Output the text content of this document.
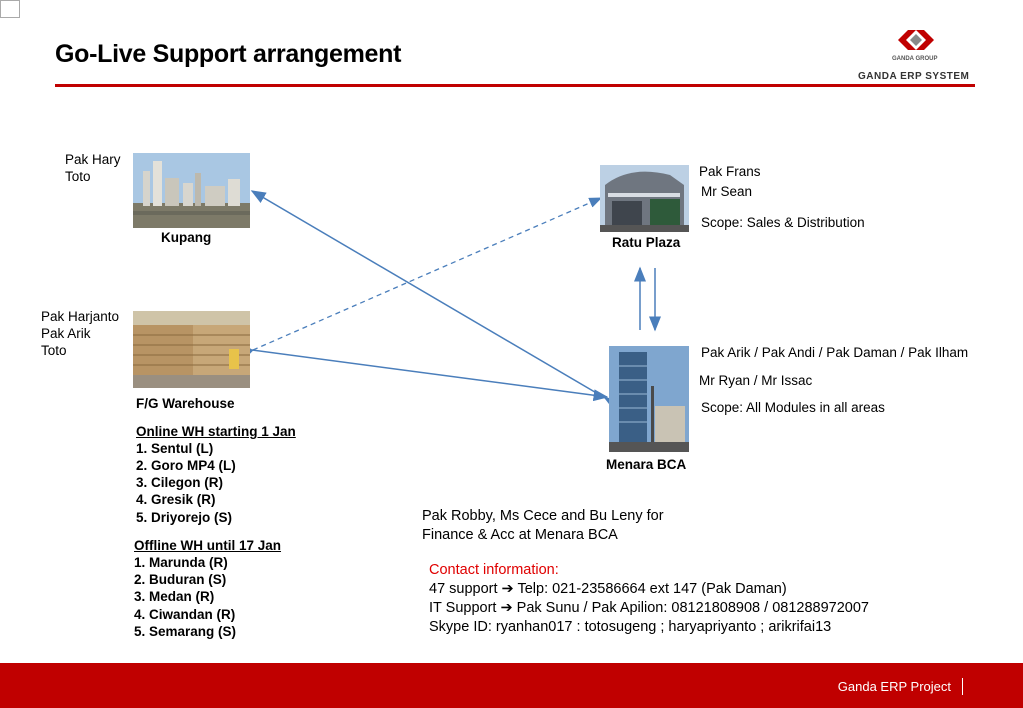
Go-Live Support arrangement	GANDA GROUP
GANDA ERP SYSTEM
Pak Hary
Toto
Kupang
Pak Harjanto
Pak Arik
Toto
F/G Warehouse
Online WH starting 1 Jan
1. Sentul (L)
2. Goro MP4 (L)
3. Cilegon (R)
4. Gresik (R)
5. Driyorejo (S)
Offline WH until 17 Jan
1. Marunda (R)
2. Buduran (S)
3. Medan (R)
4. Ciwandan (R)
5. Semarang (S)
Ratu Plaza
Pak Frans
Mr Sean
Scope: Sales & Distribution
Menara BCA
Pak Arik / Pak Andi / Pak Daman / Pak Ilham
Mr Ryan / Mr Issac
Scope: All Modules in all areas
Pak Robby, Ms Cece and Bu Leny for
Finance & Acc at Menara BCA
Contact information:
47 support ➔ Telp: 021-23586664 ext 147 (Pak Daman)
IT Support ➔ Pak Sunu / Pak Apilion: 08121808908 / 081288972007
Skype ID: ryanhan017 : totosugeng ; haryapriyanto ; arikrifai13
Ganda ERP Project
